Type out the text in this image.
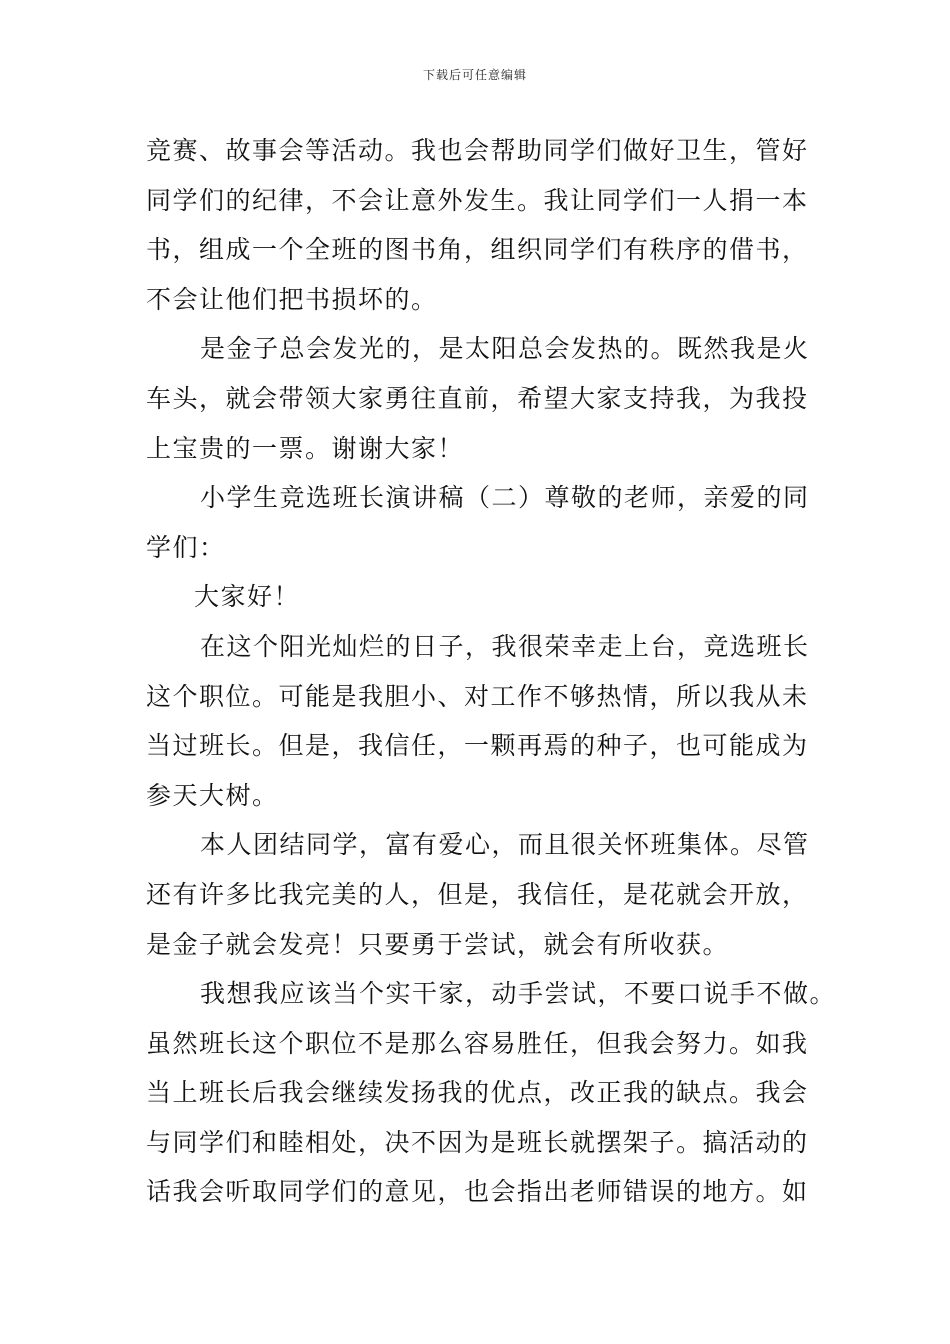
下载后可任意编辑
竞赛、故事会等活动。我也会帮助同学们做好卫生，管好
同学们的纪律，不会让意外发生。我让同学们一人捐一本
书，组成一个全班的图书角，组织同学们有秩序的借书，
不会让他们把书损坏的。
是金子总会发光的，是太阳总会发热的。既然我是火
车头，就会带领大家勇往直前，希望大家支持我，为我投
上宝贵的一票。谢谢大家！
小学生竞选班长演讲稿（二）尊敬的老师，亲爱的同
学们：
大家好！
在这个阳光灿烂的日子，我很荣幸走上台，竞选班长
这个职位。可能是我胆小、对工作不够热情，所以我从未
当过班长。但是，我信任，一颗再焉的种子，也可能成为
参天大树。
本人团结同学，富有爱心，而且很关怀班集体。尽管
还有许多比我完美的人，但是，我信任，是花就会开放，
是金子就会发亮！只要勇于尝试，就会有所收获。
我想我应该当个实干家，动手尝试，不要口说手不做。
虽然班长这个职位不是那么容易胜任，但我会努力。如我
当上班长后我会继续发扬我的优点，改正我的缺点。我会
与同学们和睦相处，决不因为是班长就摆架子。搞活动的
话我会听取同学们的意见，也会指出老师错误的地方。如
